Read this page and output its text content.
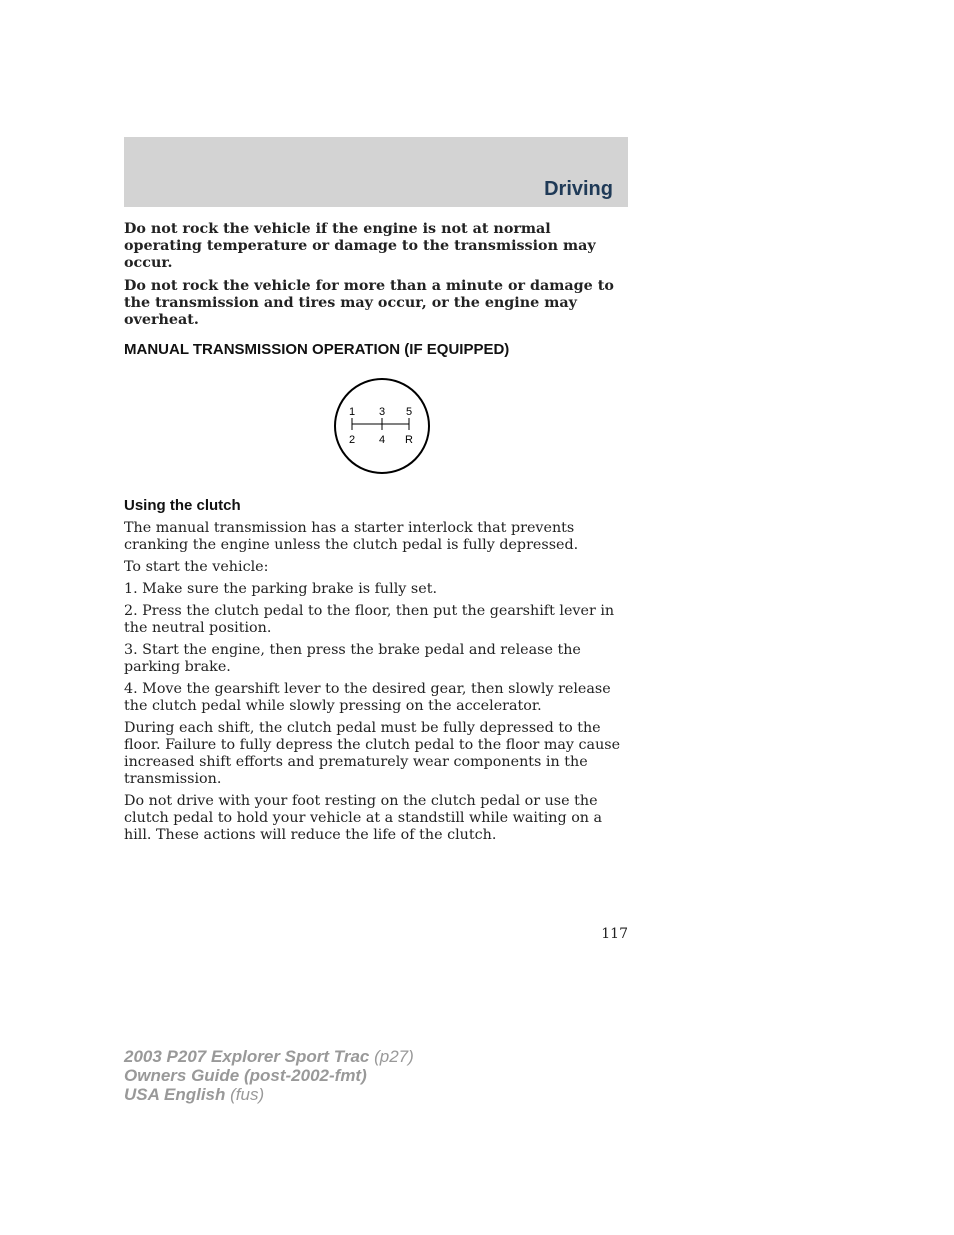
Driving

Do not rock the vehicle if the engine is not at normal operating temperature or damage to the transmission may occur.

Do not rock the vehicle for more than a minute or damage to the transmission and tires may occur, or the engine may overheat.

MANUAL TRANSMISSION OPERATION (IF EQUIPPED)
1 3 5
2 4 R
Using the clutch

The manual transmission has a starter interlock that prevents cranking the engine unless the clutch pedal is fully depressed.

To start the vehicle:

1. Make sure the parking brake is fully set.

2. Press the clutch pedal to the floor, then put the gearshift lever in the neutral position.

3. Start the engine, then press the brake pedal and release the parking brake.

4. Move the gearshift lever to the desired gear, then slowly release the clutch pedal while slowly pressing on the accelerator.

During each shift, the clutch pedal must be fully depressed to the floor. Failure to fully depress the clutch pedal to the floor may cause increased shift efforts and prematurely wear components in the transmission.

Do not drive with your foot resting on the clutch pedal or use the clutch pedal to hold your vehicle at a standstill while waiting on a hill. These actions will reduce the life of the clutch.

117
2003 P207 Explorer Sport Trac (p27)
Owners Guide (post-2002-fmt)
USA English (fus)
